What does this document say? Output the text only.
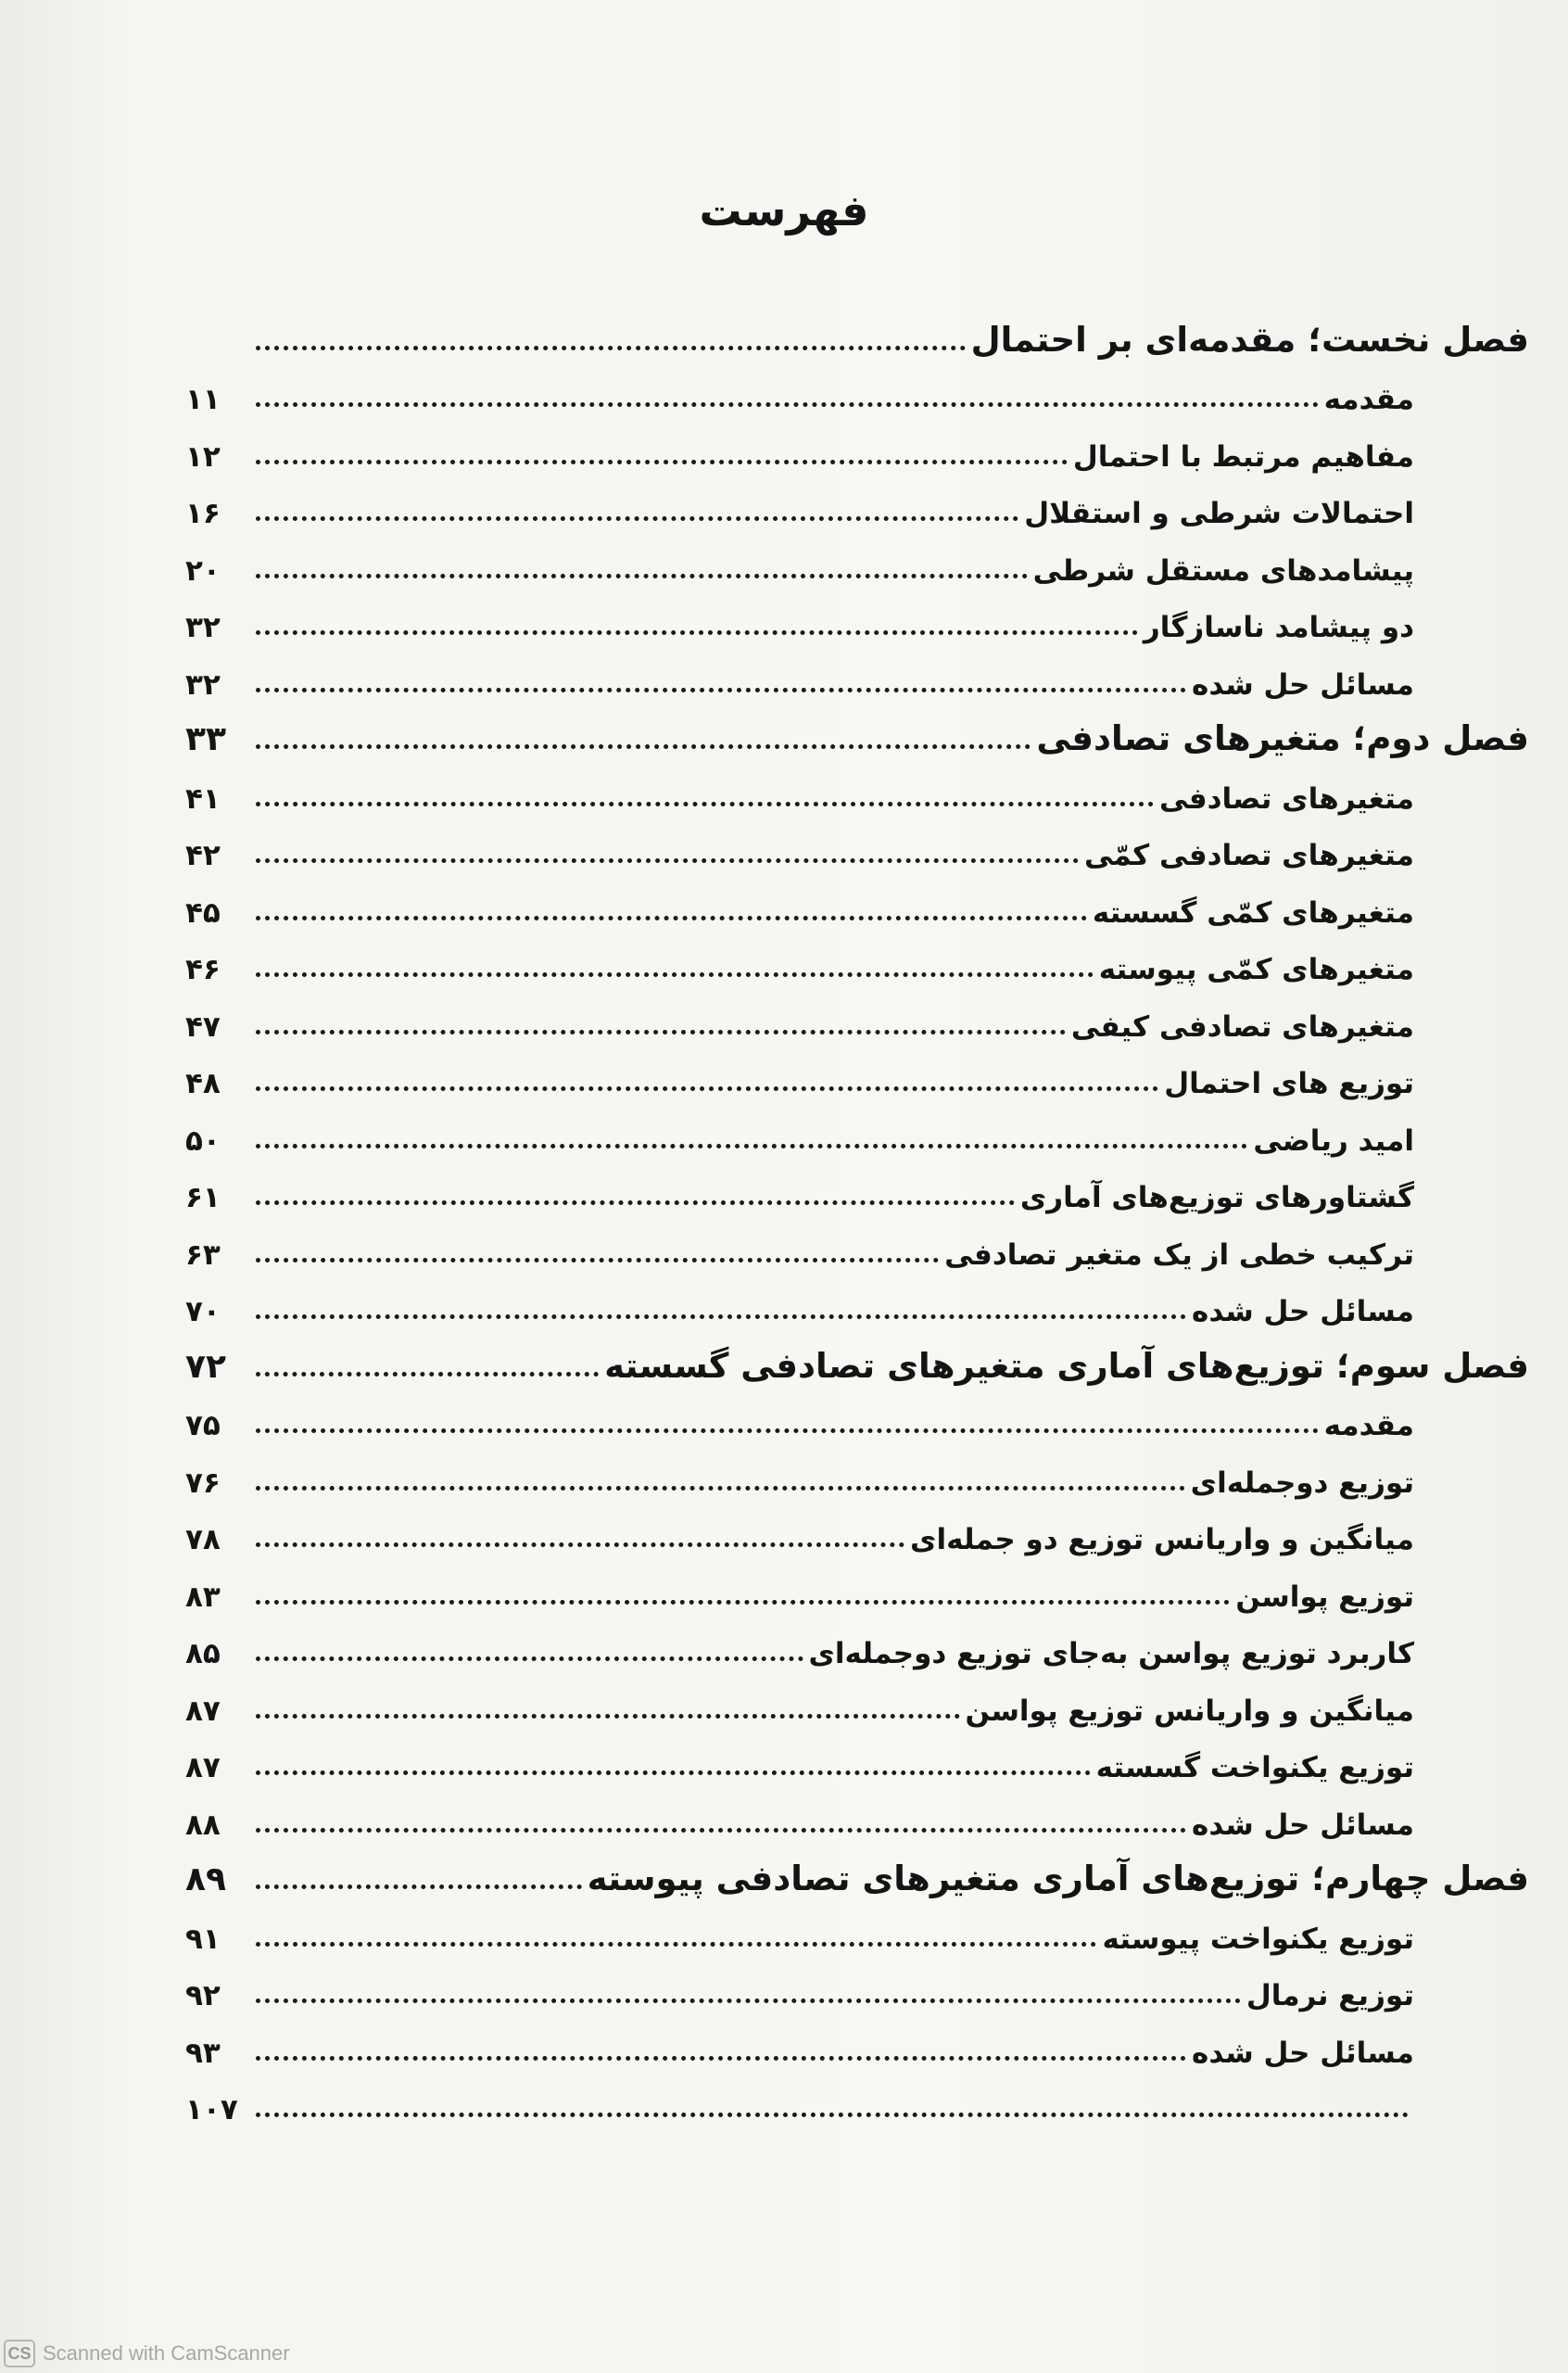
فهرست
فصل نخست؛ مقدمه‌ای بر احتمال
مقدمه
۱۱
مفاهیم مرتبط با احتمال
۱۲
احتمالات شرطی و استقلال
۱۶
پیشامدهای مستقل شرطی
۲۰
دو پیشامد ناسازگار
۳۲
مسائل حل شده
۳۲
فصل دوم؛ متغیرهای تصادفی
۳۳
متغیرهای تصادفی
۴۱
متغیرهای تصادفی کمّی
۴۲
متغیرهای کمّی گسسته
۴۵
متغیرهای کمّی پیوسته
۴۶
متغیرهای تصادفی کیفی
۴۷
توزیع های احتمال
۴۸
امید ریاضی
۵۰
گشتاورهای توزیع‌های آماری
۶۱
ترکیب خطی از یک متغیر تصادفی
۶۳
مسائل حل شده
۷۰
فصل سوم؛ توزیع‌های آماری متغیرهای تصادفی گسسته
۷۲
مقدمه
۷۵
توزیع دوجمله‌ای
۷۶
میانگین و واریانس توزیع دو جمله‌ای
۷۸
توزیع پواسن
۸۳
کاربرد توزیع پواسن به‌جای توزیع دوجمله‌ای
۸۵
میانگین و واریانس توزیع پواسن
۸۷
توزیع یکنواخت گسسته
۸۷
مسائل حل شده
۸۸
فصل چهارم؛ توزیع‌های آماری متغیرهای تصادفی پیوسته
۸۹
توزیع یکنواخت پیوسته
۹۱
توزیع نرمال
۹۲
مسائل حل شده
۹۳
۱۰۷
CS Scanned with CamScanner
